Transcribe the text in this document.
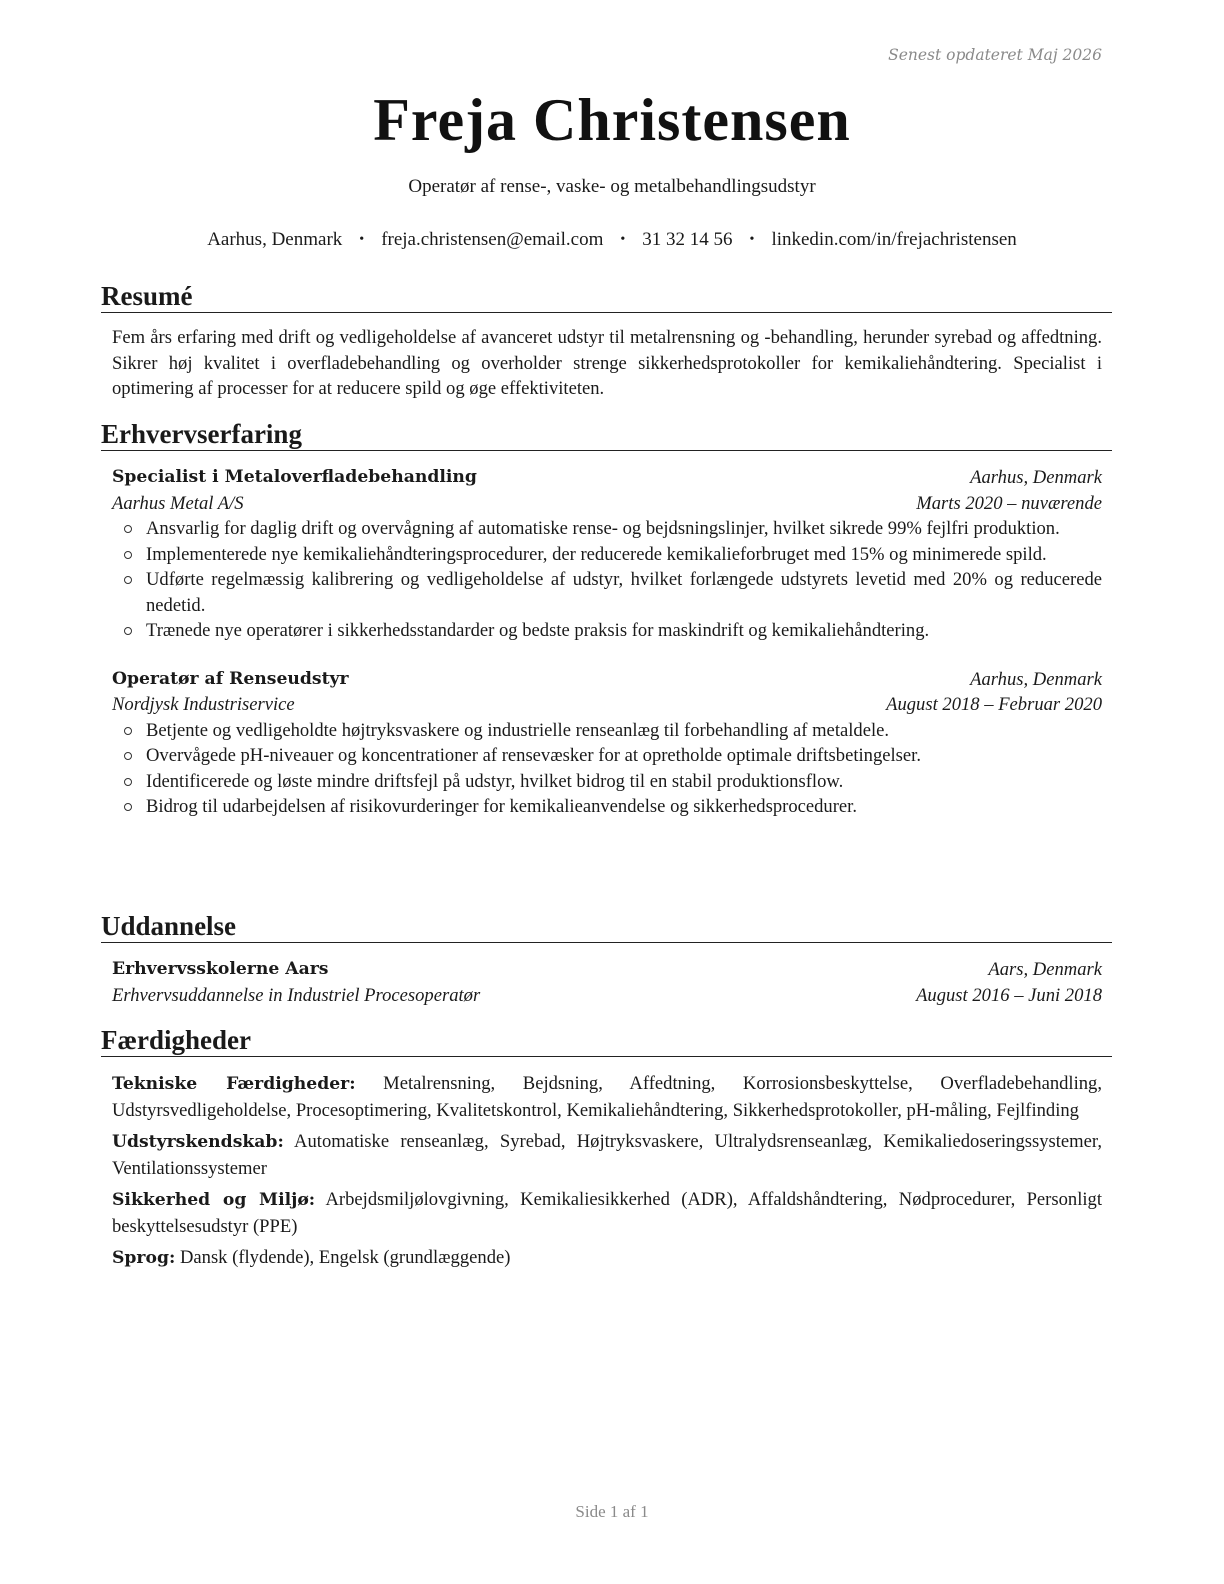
Senest opdateret Maj 2026
Freja Christensen
Operatør af rense-, vaske- og metalbehandlingsudstyr
Aarhus, Denmark • freja.christensen@email.com • 31 32 14 56 • linkedin.com/in/frejachristensen
Resumé

Fem års erfaring med drift og vedligeholdelse af avanceret udstyr til metalrensning og -behandling, herunder syrebad og affedtning. Sikrer høj kvalitet i overfladebehandling og overholder strenge sikkerhedsprotokoller for kemikaliehåndtering. Specialist i optimering af processer for at reducere spild og øge effektiviteten.

Erhvervserfaring
Specialist i Metaloverfladebehandling	Aarhus, Denmark
Aarhus Metal A/S	Marts 2020 – nuværende
Ansvarlig for daglig drift og overvågning af automatiske rense- og bejdsningslinjer, hvilket sikrede 99% fejlfri produktion.
Implementerede nye kemikaliehåndteringsprocedurer, der reducerede kemikalieforbruget med 15% og minimerede spild.
Udførte regelmæssig kalibrering og vedligeholdelse af udstyr, hvilket forlængede udstyrets levetid med 20% og reducerede nedetid.
Trænede nye operatører i sikkerhedsstandarder og bedste praksis for maskindrift og kemikaliehåndtering.
Operatør af Renseudstyr	Aarhus, Denmark
Nordjysk Industriservice	August 2018 – Februar 2020
Betjente og vedligeholdte højtryksvaskere og industrielle renseanlæg til forbehandling af metaldele.
Overvågede pH-niveauer og koncentrationer af rensevæsker for at opretholde optimale driftsbetingelser.
Identificerede og løste mindre driftsfejl på udstyr, hvilket bidrog til en stabil produktionsflow.
Bidrog til udarbejdelsen af risikovurderinger for kemikalieanvendelse og sikkerhedsprocedurer.
Uddannelse
Erhvervsskolerne Aars	Aars, Denmark
Erhvervsuddannelse in Industriel Procesoperatør	August 2016 – Juni 2018
Færdigheder

Tekniske Færdigheder: Metalrensning, Bejdsning, Affedtning, Korrosionsbeskyttelse, Overfladebehandling, Udstyrsvedligeholdelse, Procesoptimering, Kvalitetskontrol, Kemikaliehåndtering, Sikkerhedsprotokoller, pH-måling, Fejlfinding

Udstyrskendskab: Automatiske renseanlæg, Syrebad, Højtryksvaskere, Ultralydsrenseanlæg, Kemikaliedoseringssystemer, Ventilationssystemer

Sikkerhed og Miljø: Arbejdsmiljølovgivning, Kemikaliesikkerhed (ADR), Affaldshåndtering, Nødprocedurer, Personligt beskyttelsesudstyr (PPE)

Sprog: Dansk (flydende), Engelsk (grundlæggende)

Side 1 af 1
